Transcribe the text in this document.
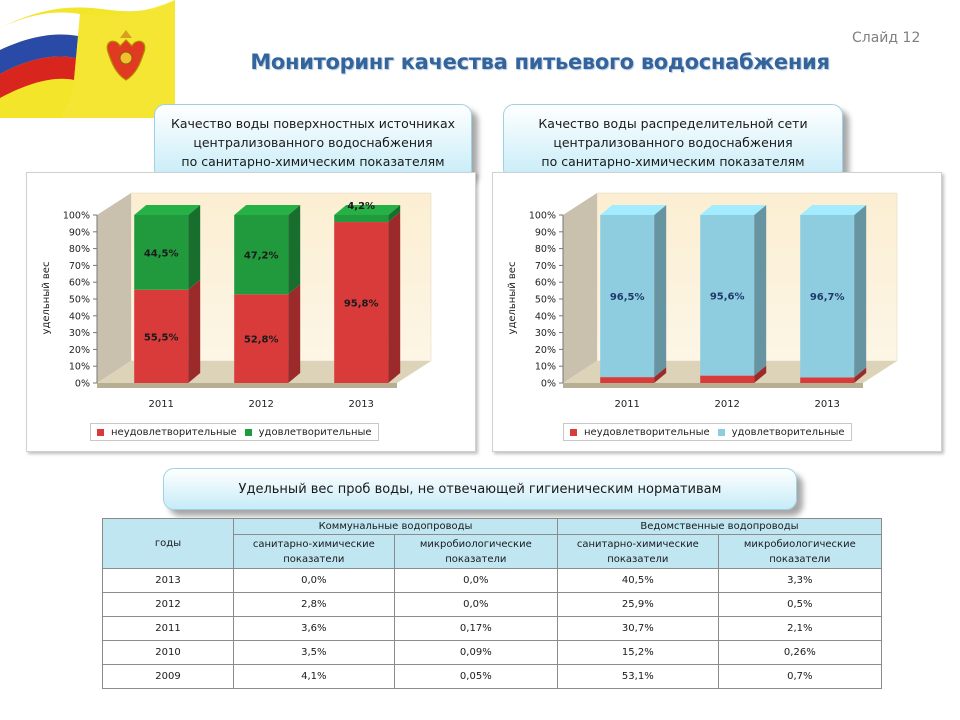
Слайд 12
Мониторинг качества питьевого водоснабжения
Качество воды поверхностных источниках
централизованного водоснабжения
по санитарно-химическим показателям
Качество воды распределительной сети
централизованного водоснабжения
по санитарно-химическим показателям
0%
10%
20%
30%
40%
50%
60%
70%
80%
90%
100%
удельный вес
55,5%
44,5%
2011
52,8%
47,2%
2012
95,8%
4,2%
2013
неудовлетворительные удовлетворительные
0%
10%
20%
30%
40%
50%
60%
70%
80%
90%
100%
удельный вес	96,5%
2011
95,6%
2012
96,7%
2013
неудовлетворительные удовлетворительные
Удельный вес проб воды, не отвечающей гигиеническим нормативам
годы	Коммунальные водопроводы		Ведомственные водопроводы	
	санитарно-химические показатели	микробиологические показатели	санитарно-химические показатели	микробиологические показатели
2013	0,0%	0,0%	40,5%	3,3%
2012	2,8%	0,0%	25,9%	0,5%
2011	3,6%	0,17%	30,7%	2,1%
2010	3,5%	0,09%	15,2%	0,26%
2009	4,1%	0,05%	53,1%	0,7%
